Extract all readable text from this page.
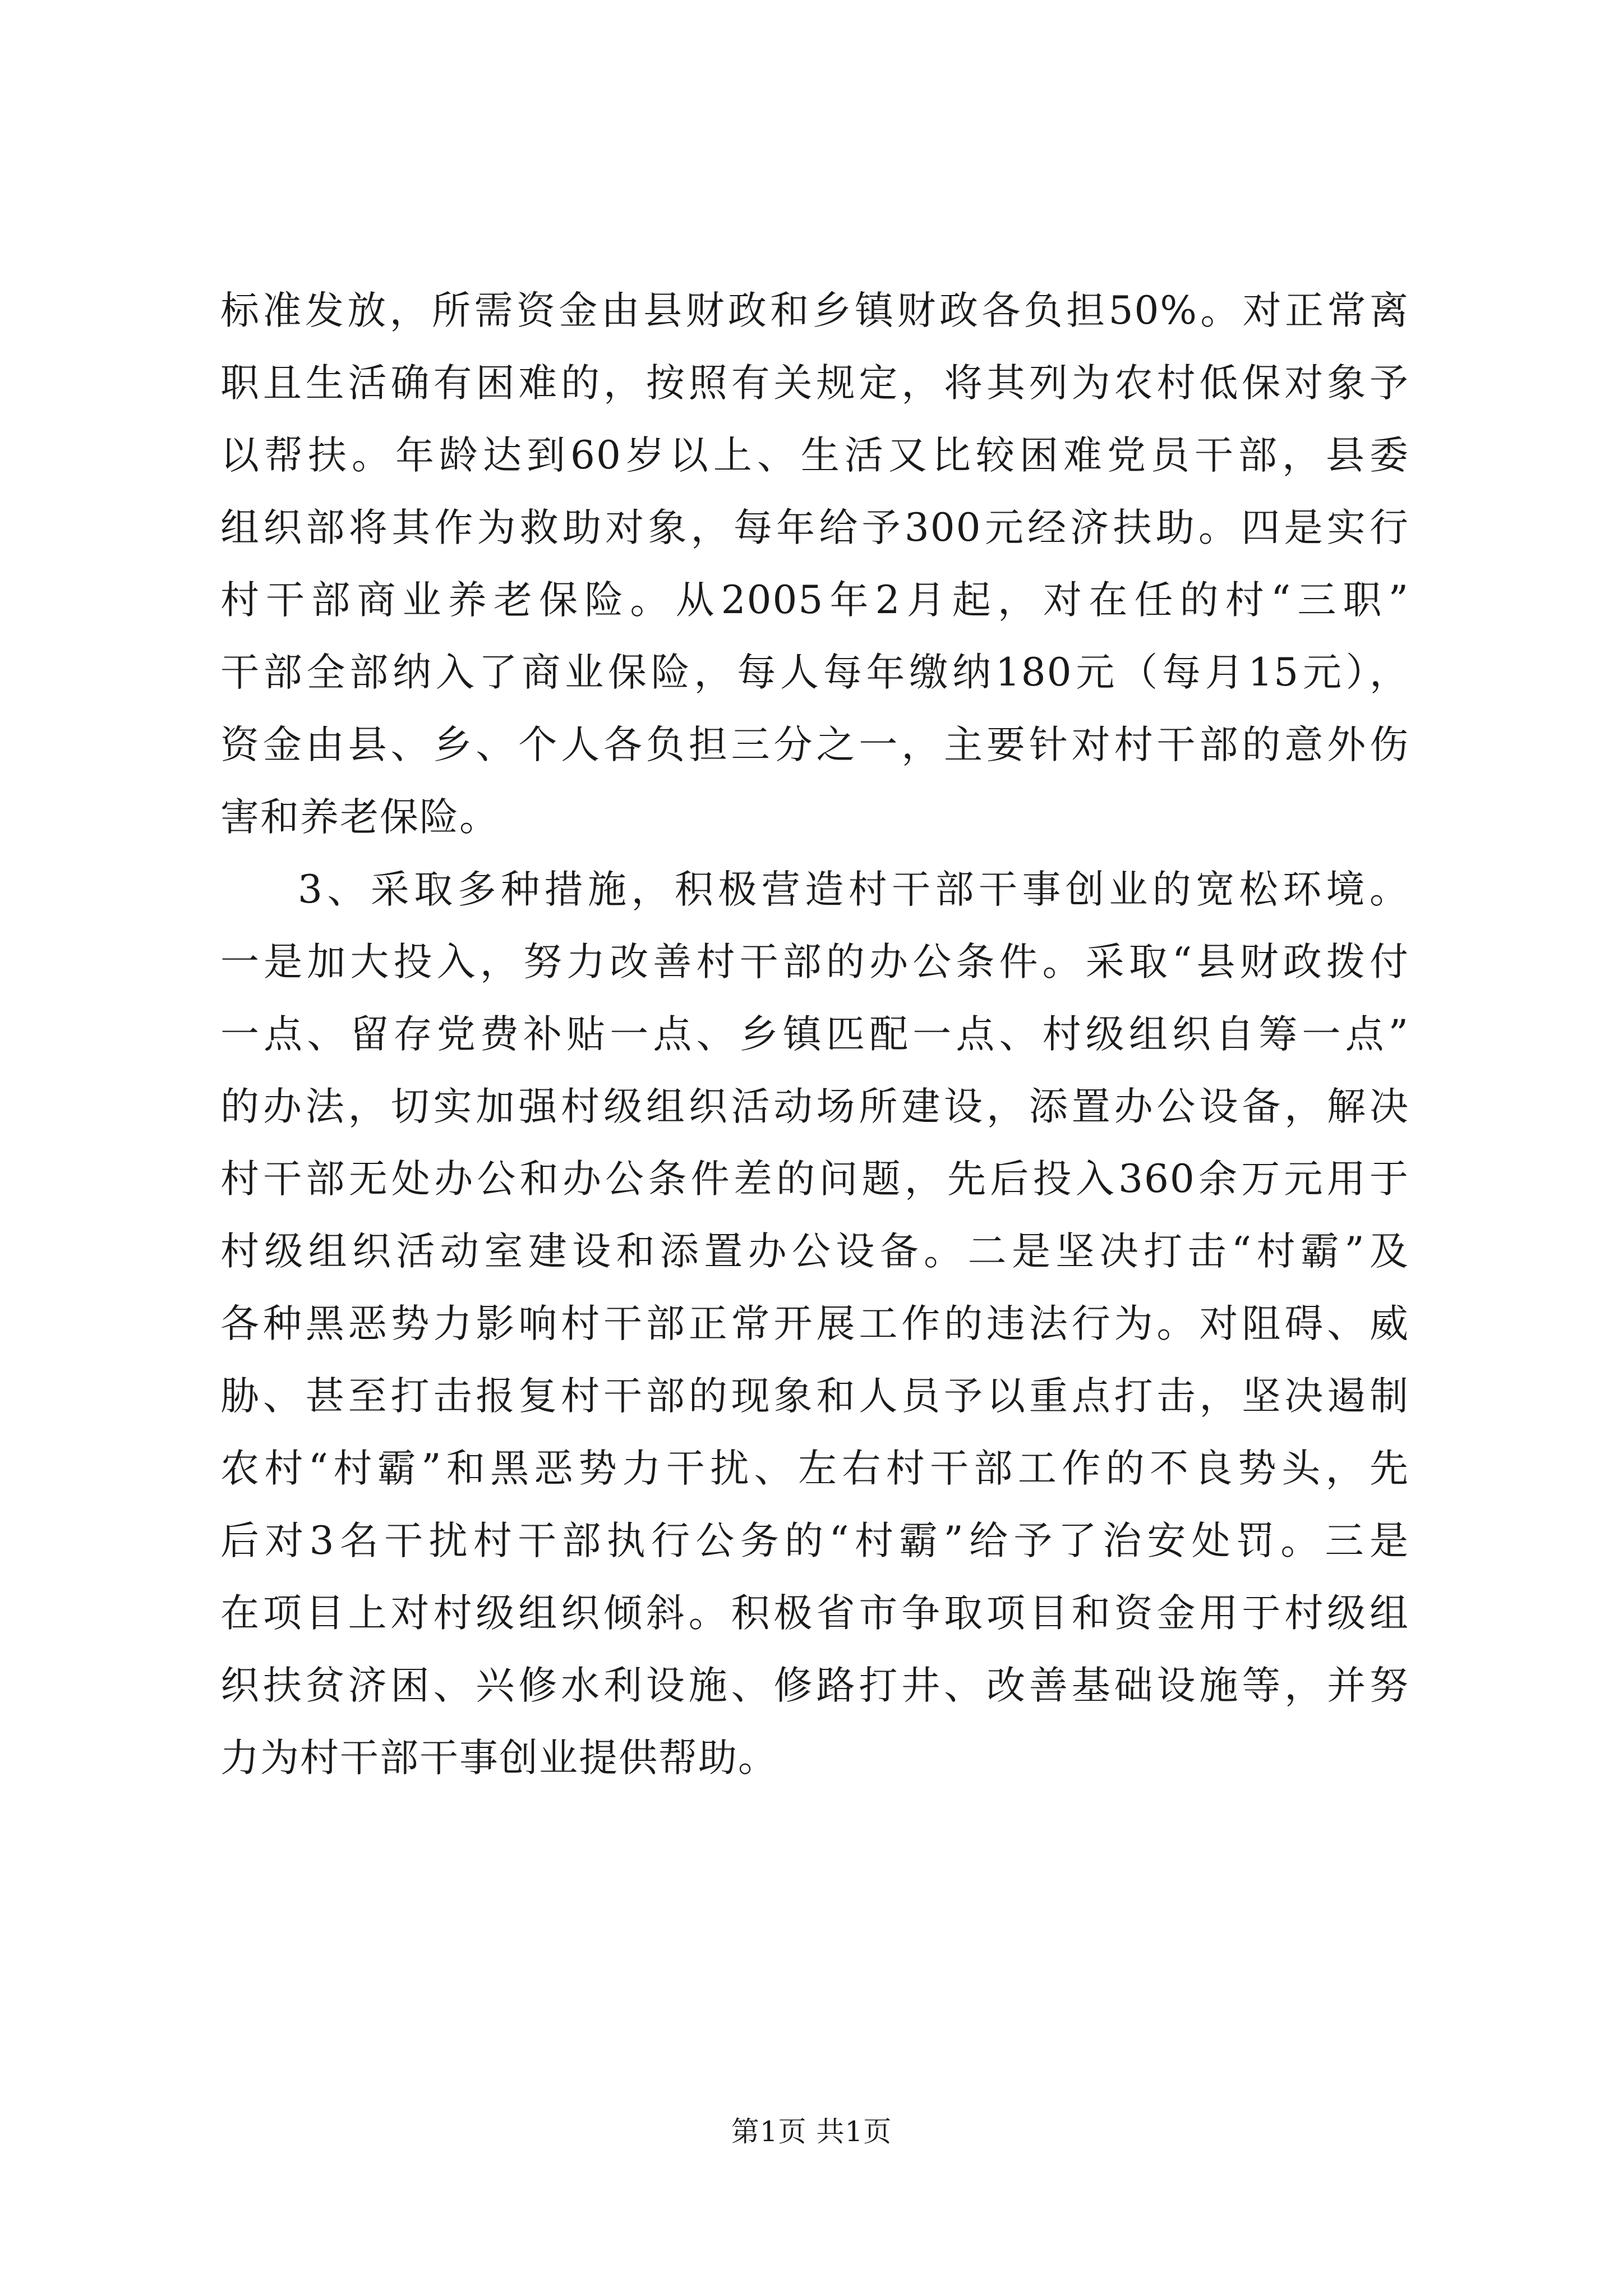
标准发放，所需资金由县财政和乡镇财政各负担50%。对正常离
职且生活确有困难的，按照有关规定，将其列为农村低保对象予
以帮扶。年龄达到60岁以上、生活又比较困难党员干部，县委
组织部将其作为救助对象，每年给予300元经济扶助。四是实行
村干部商业养老保险。从2005年2月起，对在任的村“三职”
干部全部纳入了商业保险，每人每年缴纳180元（每月15元），
资金由县、乡、个人各负担三分之一，主要针对村干部的意外伤
害和养老保险。
3、采取多种措施，积极营造村干部干事创业的宽松环境。
一是加大投入，努力改善村干部的办公条件。采取“县财政拨付
一点、留存党费补贴一点、乡镇匹配一点、村级组织自筹一点”
的办法，切实加强村级组织活动场所建设，添置办公设备，解决
村干部无处办公和办公条件差的问题，先后投入360余万元用于
村级组织活动室建设和添置办公设备。二是坚决打击“村霸”及
各种黑恶势力影响村干部正常开展工作的违法行为。对阻碍、威
胁、甚至打击报复村干部的现象和人员予以重点打击，坚决遏制
农村“村霸”和黑恶势力干扰、左右村干部工作的不良势头，先
后对3名干扰村干部执行公务的“村霸”给予了治安处罚。三是
在项目上对村级组织倾斜。积极省市争取项目和资金用于村级组
织扶贫济困、兴修水利设施、修路打井、改善基础设施等，并努
力为村干部干事创业提供帮助。
第1页 共1页
